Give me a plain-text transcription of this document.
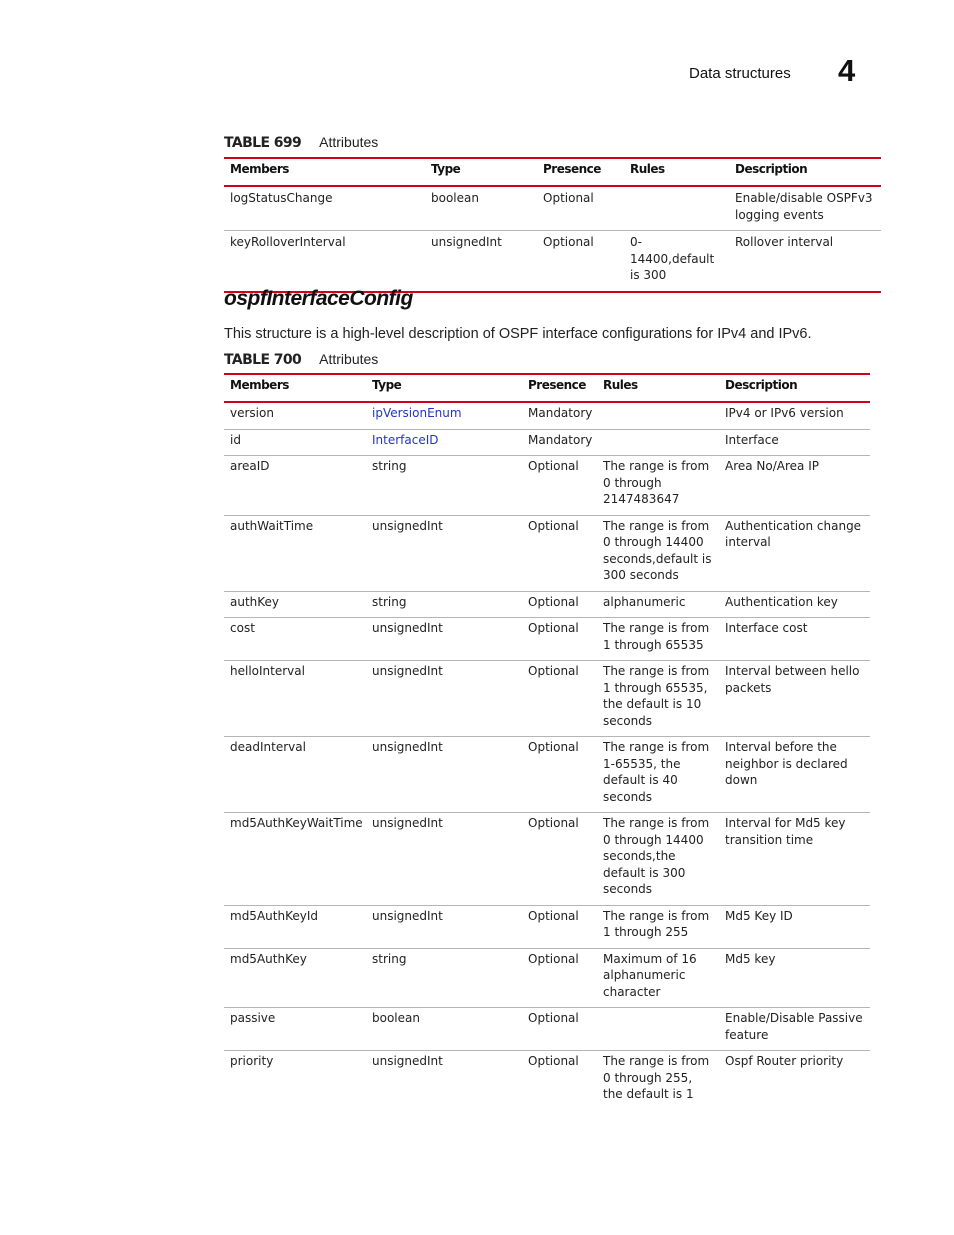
Data structures 4
TABLE 699 Attributes
Members	Type	Presence	Rules	Description
logStatusChange	boolean	Optional		Enable/disable OSPFv3 logging events
keyRolloverInterval	unsignedInt	Optional	0-14400,default is 300	Rollover interval
ospfInterfaceConfig
This structure is a high-level description of OSPF interface configurations for IPv4 and IPv6.
TABLE 700 Attributes
Members	Type	Presence	Rules	Description
version	ipVersionEnum	Mandatory		IPv4 or IPv6 version
id	InterfaceID	Mandatory		Interface
areaID	string	Optional	The range is from 0 through 2147483647	Area No/Area IP
authWaitTime	unsignedInt	Optional	The range is from 0 through 14400 seconds,default is 300 seconds	Authentication change interval
authKey	string	Optional	alphanumeric	Authentication key
cost	unsignedInt	Optional	The range is from 1 through 65535	Interface cost
helloInterval	unsignedInt	Optional	The range is from 1 through 65535, the default is 10 seconds	Interval between hello packets
deadInterval	unsignedInt	Optional	The range is from 1-65535, the default is 40 seconds	Interval before the neighbor is declared down
md5AuthKeyWaitTime	unsignedInt	Optional	The range is from 0 through 14400 seconds,the default is 300 seconds	Interval for Md5 key transition time
md5AuthKeyId	unsignedInt	Optional	The range is from 1 through 255	Md5 Key ID
md5AuthKey	string	Optional	Maximum of 16 alphanumeric character	Md5 key
passive	boolean	Optional		Enable/Disable Passive feature
priority	unsignedInt	Optional	The range is from 0 through 255, the default is 1	Ospf Router priority
